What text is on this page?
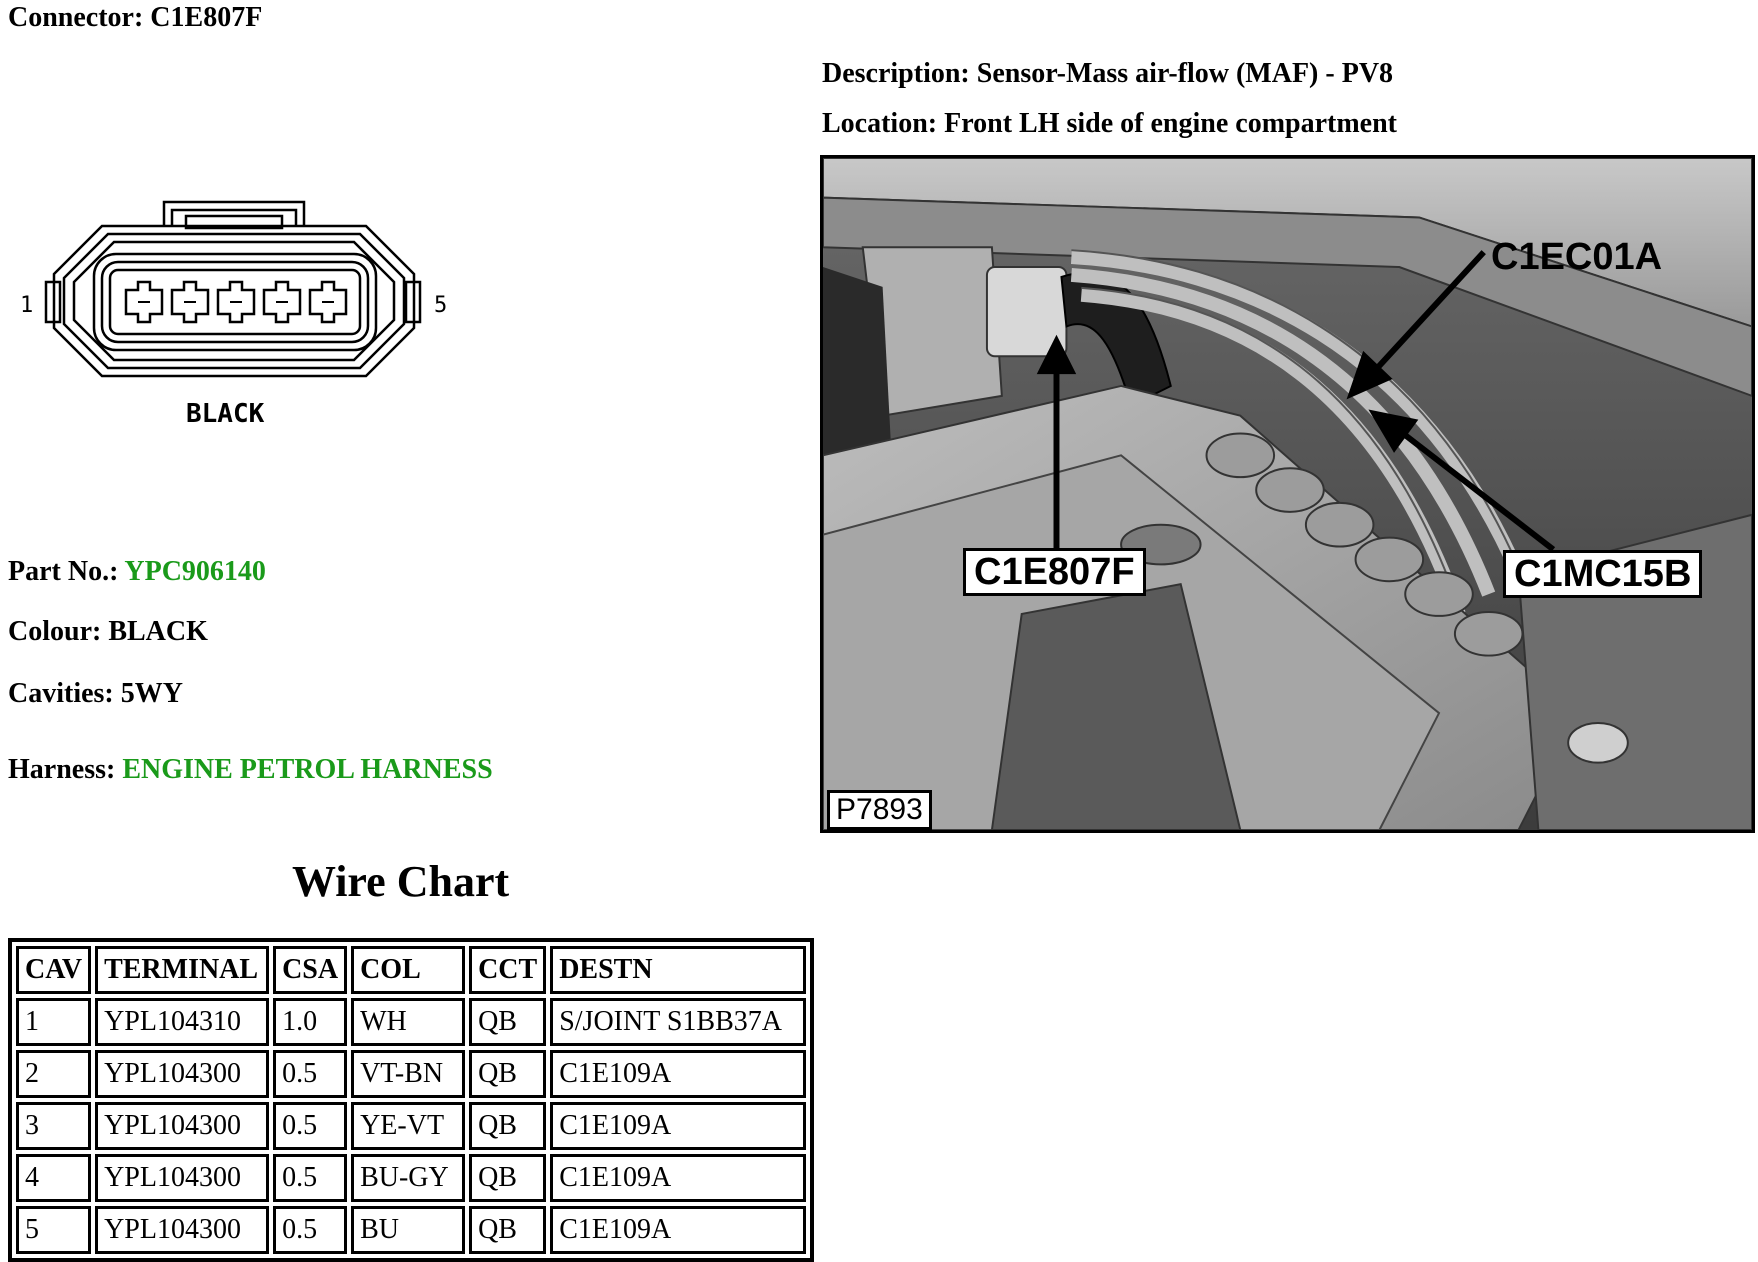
Connector: C1E807F
Description: Sensor-Mass air-flow (MAF) - PV8
Location: Front LH side of engine compartment
1	5
BLACK
Part No.: YPC906140
Colour: BLACK
Cavities: 5WY
Harness: ENGINE PETROL HARNESS
Wire Chart
CAV	TERMINAL	CSA	COL	CCT	DESTN
1	YPL104310	1.0	WH	QB	S/JOINT S1BB37A
2	YPL104300	0.5	VT-BN	QB	C1E109A
3	YPL104300	0.5	YE-VT	QB	C1E109A
4	YPL104300	0.5	BU-GY	QB	C1E109A
5	YPL104300	0.5	BU	QB	C1E109A
C1EC01A
C1E807F	C1MC15B
P7893
